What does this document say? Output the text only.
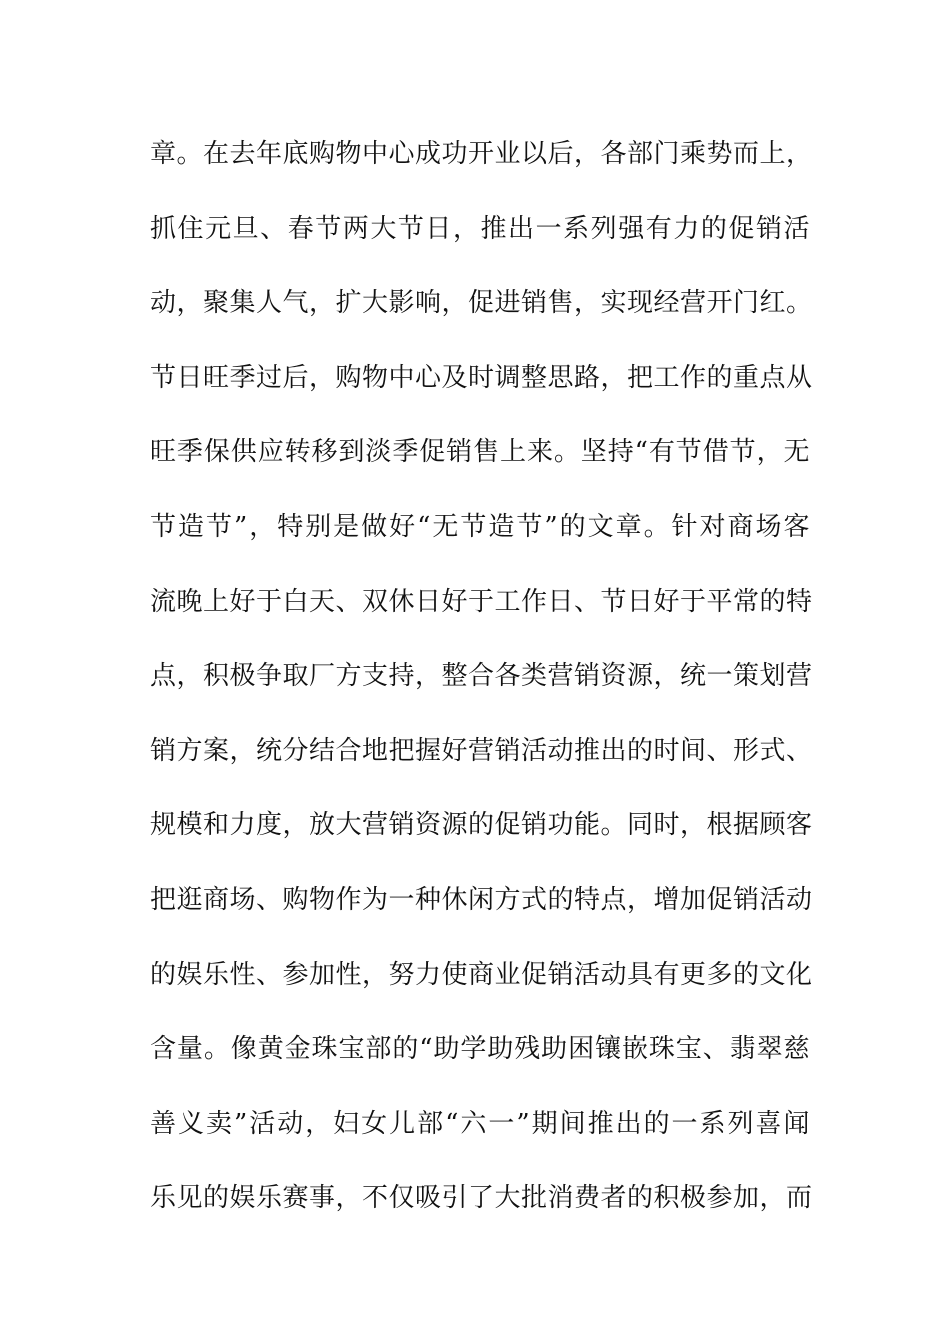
章。在去年底购物中心成功开业以后，各部门乘势而上，
抓住元旦、春节两大节日，推出一系列强有力的促销活
动，聚集人气，扩大影响，促进销售，实现经营开门红。
节日旺季过后，购物中心及时调整思路，把工作的重点从
旺季保供应转移到淡季促销售上来。坚持“有节借节，无
节造节”，特别是做好“无节造节”的文章。针对商场客
流晚上好于白天、双休日好于工作日、节日好于平常的特
点，积极争取厂方支持，整合各类营销资源，统一策划营
销方案，统分结合地把握好营销活动推出的时间、形式、
规模和力度，放大营销资源的促销功能。同时，根据顾客
把逛商场、购物作为一种休闲方式的特点，增加促销活动
的娱乐性、参加性，努力使商业促销活动具有更多的文化
含量。像黄金珠宝部的“助学助残助困镶嵌珠宝、翡翠慈
善义卖”活动，妇女儿部“六一”期间推出的一系列喜闻
乐见的娱乐赛事，不仅吸引了大批消费者的积极参加，而
